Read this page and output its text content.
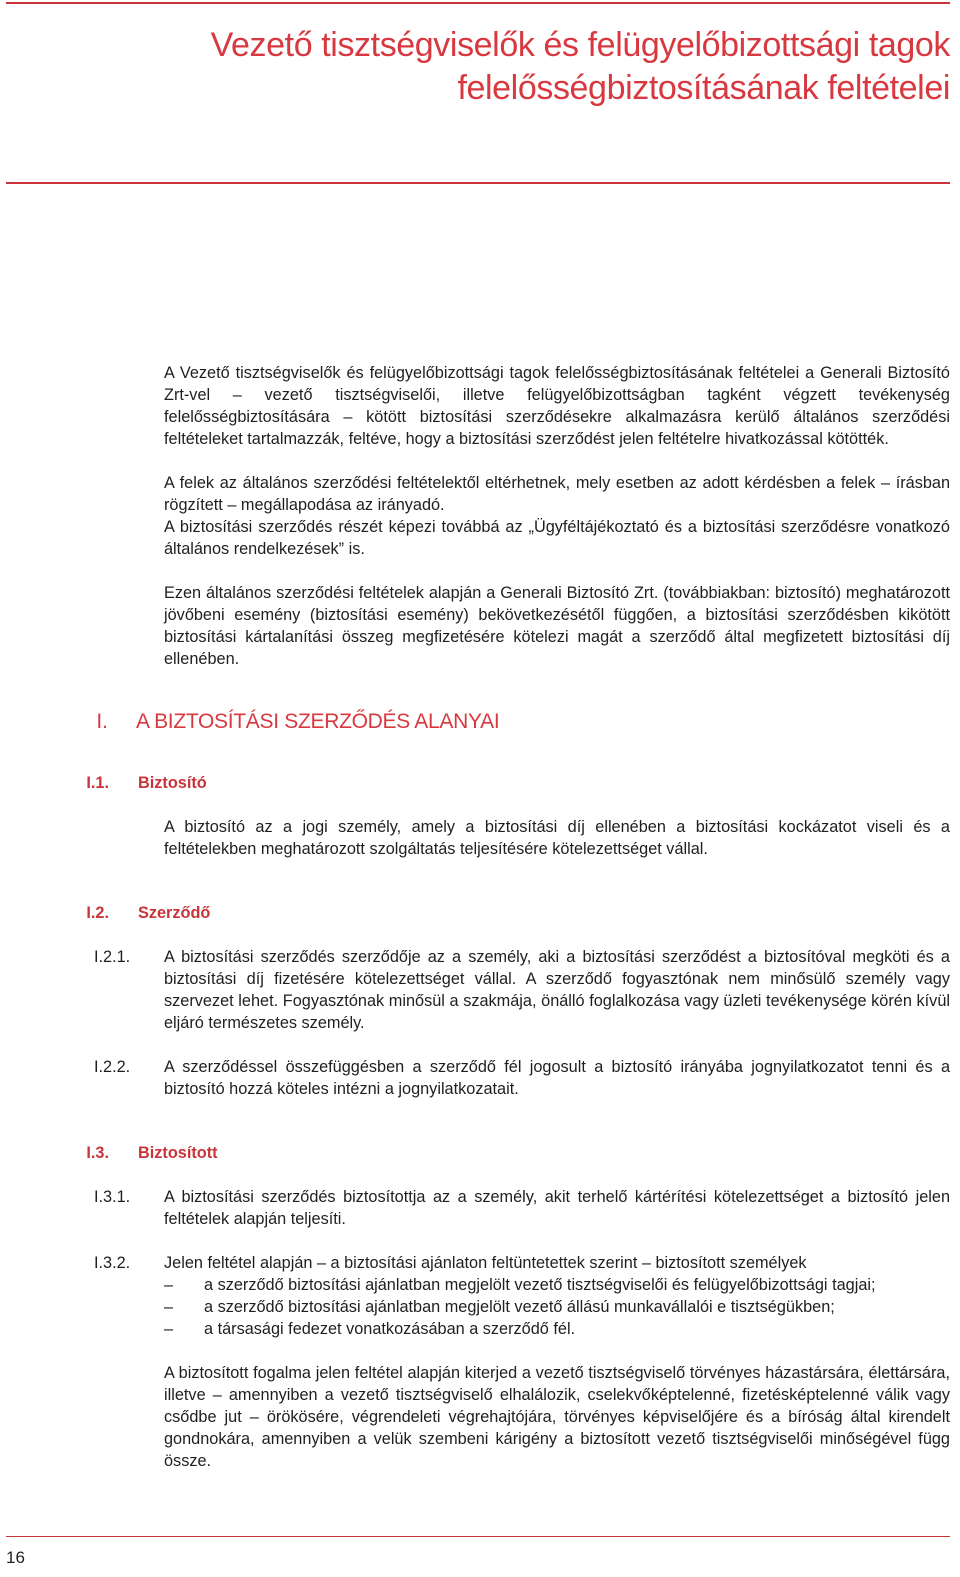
Vezető tisztségviselők és felügyelőbizottsági tagok
felelősségbiztosításának feltételei

A Vezető tisztségviselők és felügyelőbizottsági tagok felelősségbiztosításának feltételei a Generali Biztosító Zrt-vel – vezető tisztségviselői, illetve felügyelőbizottságban tagként végzett tevékenység felelősségbiztosítására – kötött biztosítási szerződésekre alkalmazásra kerülő általános szerződési feltételeket tartalmazzák, feltéve, hogy a biztosítási szerződést jelen feltételre hivatkozással kötötték.

A felek az általános szerződési feltételektől eltérhetnek, mely esetben az adott kérdésben a felek – írásban rögzített – megállapodása az irányadó.

A biztosítási szerződés részét képezi továbbá az „Ügyféltájékoztató és a biztosítási szerződésre vonatkozó általános rendelkezések” is.

Ezen általános szerződési feltételek alapján a Generali Biztosító Zrt. (továbbiakban: biztosító) meghatározott jövőbeni esemény (biztosítási esemény) bekövetkezésétől függően, a biztosítási szerződésben kikötött biztosítási kártalanítási összeg megfizetésére kötelezi magát a szerződő által megfizetett biztosítási díj ellenében.

I.	A BIZTOSÍTÁSI SZERZŐDÉS ALANYAI
I.1. Biztosító

A biztosító az a jogi személy, amely a biztosítási díj ellenében a biztosítási kockázatot viseli és a feltételekben meghatározott szolgáltatás teljesítésére kötelezettséget vállal.

I.2. Szerződő
I.2.1.	A biztosítási szerződés szerződője az a személy, aki a biztosítási szerződést a biztosítóval megköti és a biztosítási díj fizetésére kötelezettséget vállal. A szerződő fogyasztónak nem minősülő személy vagy szervezet lehet. Fogyasztónak minősül a szakmája, önálló foglalkozása vagy üzleti tevékenysége körén kívül eljáró természetes személy.
I.2.2.	A szerződéssel összefüggésben a szerződő fél jogosult a biztosító irányába jognyilatkozatot tenni és a biztosító hozzá köteles intézni a jognyilatkozatait.
I.3. Biztosított
I.3.1.	A biztosítási szerződés biztosítottja az a személy, akit terhelő kártérítési kötelezettséget a biztosító jelen feltételek alapján teljesíti.
I.3.2.	Jelen feltétel alapján – a biztosítási ajánlaton feltüntetettek szerint – biztosított személyek
– a szerződő biztosítási ajánlatban megjelölt vezető tisztségviselői és felügyelőbizottsági tagjai;
– a szerződő biztosítási ajánlatban megjelölt vezető állású munkavállalói e tisztségükben;
– a társasági fedezet vonatkozásában a szerződő fél.

A biztosított fogalma jelen feltétel alapján kiterjed a vezető tisztségviselő törvényes házastársára, élettársára, illetve – amennyiben a vezető tisztségviselő elhalálozik, cselekvőképtelenné, fizetésképtelenné válik vagy csődbe jut – örökösére, végrendeleti végrehajtójára, törvényes képviselőjére és a bíróság által kirendelt gondnokára, amennyiben a velük szembeni kárigény a biztosított vezető tisztségviselői minőségével függ össze.

16
